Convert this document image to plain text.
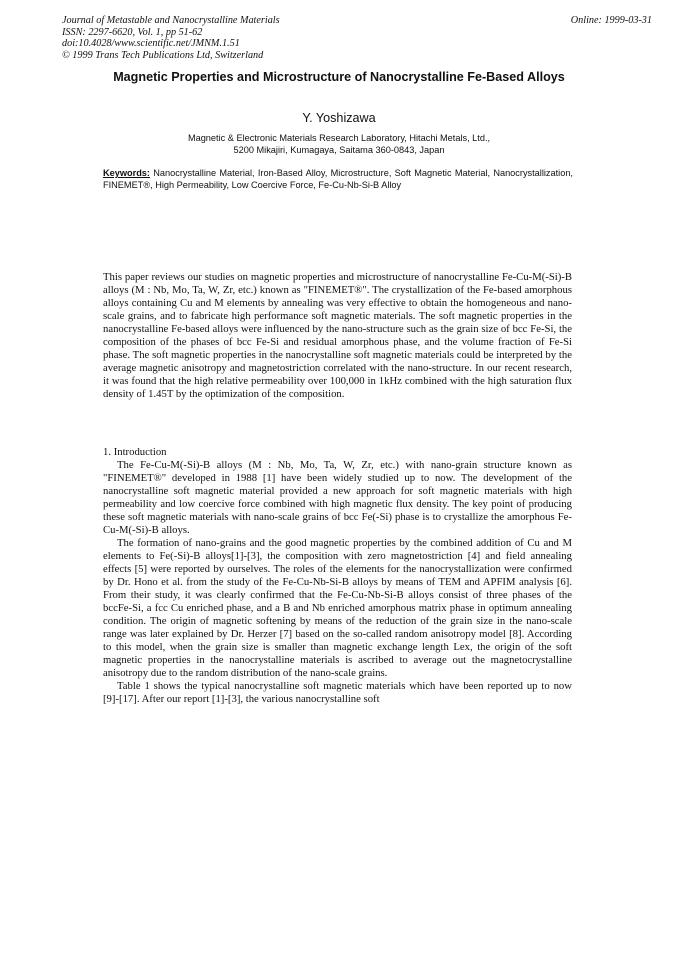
Journal of Metastable and Nanocrystalline Materials
ISSN: 2297-6620, Vol. 1, pp 51-62
doi:10.4028/www.scientific.net/JMNM.1.51
© 1999 Trans Tech Publications Ltd, Switzerland
Online: 1999-03-31
Magnetic Properties and Microstructure of Nanocrystalline Fe-Based Alloys
Y. Yoshizawa
Magnetic & Electronic Materials Research Laboratory, Hitachi Metals, Ltd.,
5200 Mikajiri, Kumagaya, Saitama 360-0843, Japan
Keywords: Nanocrystalline Material, Iron-Based Alloy, Microstructure, Soft Magnetic Material, Nanocrystallization, FINEMET®, High Permeability, Low Coercive Force, Fe-Cu-Nb-Si-B Alloy

This paper reviews our studies on magnetic properties and microstructure of nanocrystalline Fe-Cu-M(-Si)-B alloys (M : Nb, Mo, Ta, W, Zr, etc.) known as "FINEMET®". The crystallization of the Fe-based amorphous alloys containing Cu and M elements by annealing was very effective to obtain the homogeneous and nano-scale grains, and to fabricate high performance soft magnetic materials. The soft magnetic properties in the nanocrystalline Fe-based alloys were influenced by the nano-structure such as the grain size of bcc Fe-Si, the composition of the phases of bcc Fe-Si and residual amorphous phase, and the volume fraction of Fe-Si phase. The soft magnetic properties in the nanocrystalline soft magnetic materials could be interpreted by the average magnetic anisotropy and magnetostriction correlated with the nano-structure. In our recent research, it was found that the high relative permeability over 100,000 in 1kHz combined with the high saturation flux density of 1.45T by the optimization of the composition.

1. Introduction

The Fe-Cu-M(-Si)-B alloys (M : Nb, Mo, Ta, W, Zr, etc.) with nano-grain structure known as "FINEMET®" developed in 1988 [1] have been widely studied up to now. The development of the nanocrystalline soft magnetic material provided a new approach for soft magnetic materials with high permeability and low coercive force combined with high magnetic flux density. The key point of producing these soft magnetic materials with nano-scale grains of bcc Fe(-Si) phase is to crystallize the amorphous Fe-Cu-M(-Si)-B alloys.

The formation of nano-grains and the good magnetic properties by the combined addition of Cu and M elements to Fe(-Si)-B alloys[1]-[3], the composition with zero magnetostriction [4] and field annealing effects [5] were reported by ourselves. The roles of the elements for the nanocrystallization were confirmed by Dr. Hono et al. from the study of the Fe-Cu-Nb-Si-B alloys by means of TEM and APFIM analysis [6]. From their study, it was clearly confirmed that the Fe-Cu-Nb-Si-B alloys consist of three phases of the bccFe-Si, a fcc Cu enriched phase, and a B and Nb enriched amorphous matrix phase in optimum annealing condition. The origin of magnetic softening by means of the reduction of the grain size in the nano-scale range was later explained by Dr. Herzer [7] based on the so-called random anisotropy model [8]. According to this model, when the grain size is smaller than magnetic exchange length Lex, the origin of the soft magnetic properties in the nanocrystalline materials is ascribed to average out the magnetocrystalline anisotropy due to the random distribution of the nano-scale grains.

Table 1 shows the typical nanocrystalline soft magnetic materials which have been reported up to now [9]-[17]. After our report [1]-[3], the various nanocrystalline soft
